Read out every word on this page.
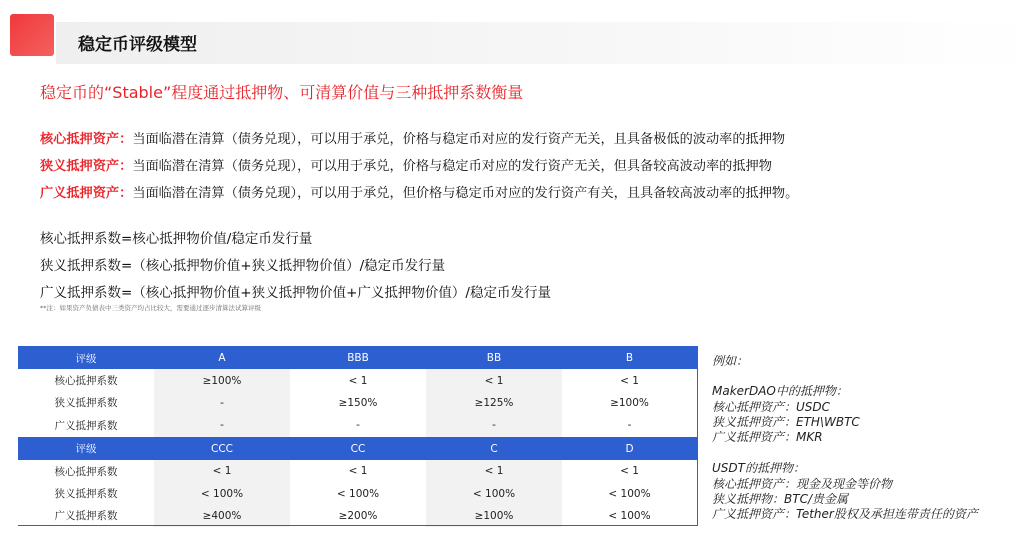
稳定币评级模型
稳定币的“Stable”程度通过抵押物、可清算价值与三种抵押系数衡量
核心抵押资产：当面临潜在清算（债务兑现），可以用于承兑，价格与稳定币对应的发行资产无关，且具备极低的波动率的抵押物
狭义抵押资产：当面临潜在清算（债务兑现），可以用于承兑，价格与稳定币对应的发行资产无关，但具备较高波动率的抵押物
广义抵押资产：当面临潜在清算（债务兑现），可以用于承兑，但价格与稳定币对应的发行资产有关，且具备较高波动率的抵押物。
核心抵押系数=核心抵押物价值/稳定币发行量
狭义抵押系数=（核心抵押物价值+狭义抵押物价值）/稳定币发行量
广义抵押系数=（核心抵押物价值+狭义抵押物价值+广义抵押物价值）/稳定币发行量
**注：如果资产负债表中三类资产均占比较大，需要通过逐步清算法试算评级
评级	A	BBB	BB	B
核心抵押系数	≥100%	< 1	< 1	< 1
狭义抵押系数	-	≥150%	≥125%	≥100%
广义抵押系数	-	-	-	-
评级	CCC	CC	C	D
核心抵押系数	< 1	< 1	< 1	< 1
狭义抵押系数	< 100%	< 100%	< 100%	< 100%
广义抵押系数	≥400%	≥200%	≥100%	< 100%
例如：
MakerDAO中的抵押物：
核心抵押资产：USDC
狭义抵押资产：ETH\WBTC
广义抵押资产：MKR
USDT的抵押物：
核心抵押资产：现金及现金等价物
狭义抵押物：BTC/贵金属
广义抵押资产：Tether股权及承担连带责任的资产
